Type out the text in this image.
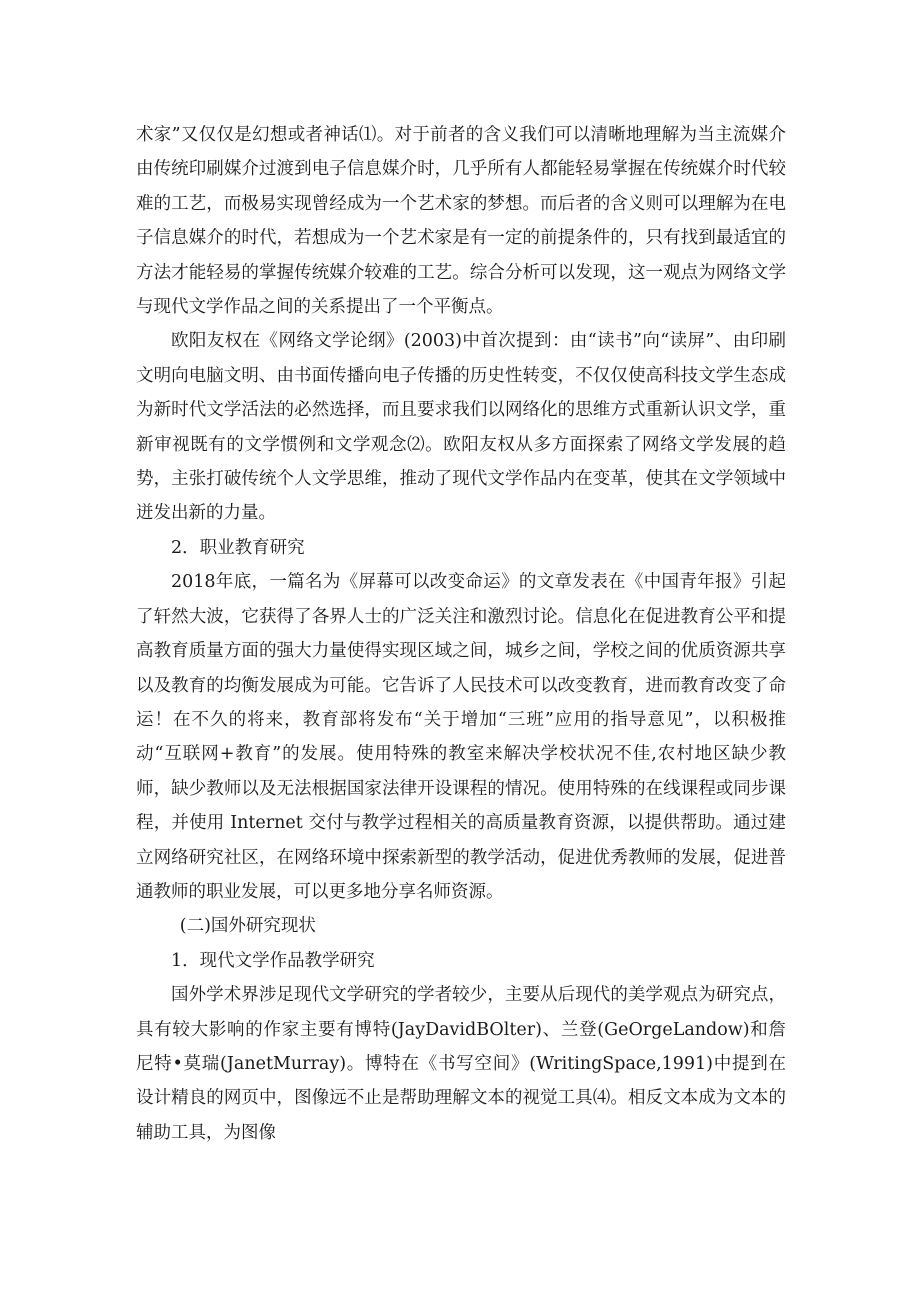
术家”又仅仅是幻想或者神话⑴。对于前者的含义我们可以清晰地理解为当主流媒介由传统印刷媒介过渡到电子信息媒介时，几乎所有人都能轻易掌握在传统媒介时代较难的工艺，而极易实现曾经成为一个艺术家的梦想。而后者的含义则可以理解为在电子信息媒介的时代，若想成为一个艺术家是有一定的前提条件的，只有找到最适宜的方法才能轻易的掌握传统媒介较难的工艺。综合分析可以发现，这一观点为网络文学与现代文学作品之间的关系提出了一个平衡点。

欧阳友权在《网络文学论纲》(2003)中首次提到：由“读书”向“读屏”、由印刷文明向电脑文明、由书面传播向电子传播的历史性转变，不仅仅使高科技文学生态成为新时代文学活法的必然选择，而且要求我们以网络化的思维方式重新认识文学，重新审视既有的文学惯例和文学观念⑵。欧阳友权从多方面探索了网络文学发展的趋势，主张打破传统个人文学思维，推动了现代文学作品内在变革，使其在文学领域中迸发出新的力量。

2．职业教育研究

2018年底，一篇名为《屏幕可以改变命运》的文章发表在《中国青年报》引起了轩然大波，它获得了各界人士的广泛关注和激烈讨论。信息化在促进教育公平和提高教育质量方面的强大力量使得实现区域之间，城乡之间，学校之间的优质资源共享以及教育的均衡发展成为可能。它告诉了人民技术可以改变教育，进而教育改变了命运！在不久的将来，教育部将发布“关于增加“三班”应用的指导意见”，以积极推动“互联网+教育”的发展。使用特殊的教室来解决学校状况不佳,农村地区缺少教师，缺少教师以及无法根据国家法律开设课程的情况。使用特殊的在线课程或同步课程，并使用 Internet 交付与教学过程相关的高质量教育资源，以提供帮助。通过建立网络研究社区，在网络环境中探索新型的教学活动，促进优秀教师的发展，促进普通教师的职业发展，可以更多地分享名师资源。

(二)国外研究现状

1．现代文学作品教学研究

国外学术界涉足现代文学研究的学者较少，主要从后现代的美学观点为研究点，具有较大影响的作家主要有博特(JayDavidBOlter)、兰登(GeOrgeLandow)和詹尼特•莫瑞(JanetMurray)。博特在《书写空间》(WritingSpace,1991)中提到在设计精良的网页中，图像远不止是帮助理解文本的视觉工具⑷。相反文本成为文本的辅助工具，为图像
